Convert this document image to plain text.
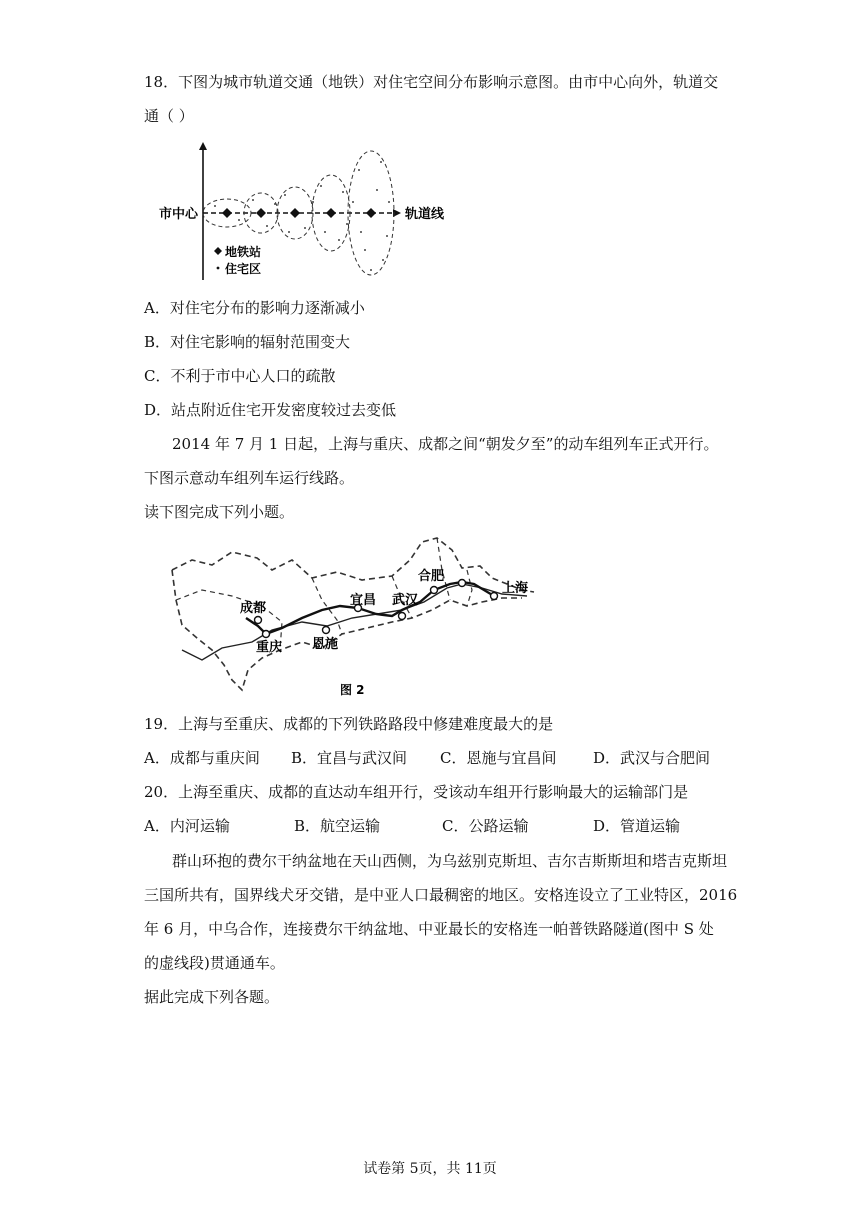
18．下图为城市轨道交通（地铁）对住宅空间分布影响示意图。由市中心向外，轨道交
通（ ）
市中心	轨道线
地铁站
住宅区
A．对住宅分布的影响力逐渐减小
B．对住宅影响的辐射范围变大
C．不利于市中心人口的疏散
D．站点附近住宅开发密度较过去变低
2014 年 7 月 1 日起，上海与重庆、成都之间“朝发夕至”的动车组列车正式开行。
下图示意动车组列车运行线路。
读下图完成下列小题。
成都
重庆 恩施
宜昌 武汉
合肥
上海
图 2
19．上海与至重庆、成都的下列铁路路段中修建难度最大的是
A．成都与重庆间 B．宜昌与武汉间 C．恩施与宜昌间 D．武汉与合肥间
20．上海至重庆、成都的直达动车组开行，受该动车组开行影响最大的运输部门是
A．内河运输	B．航空运输	C．公路运输	D．管道运输
群山环抱的费尔干纳盆地在天山西侧，为乌兹别克斯坦、吉尔吉斯斯坦和塔吉克斯坦
三国所共有，国界线犬牙交错，是中亚人口最稠密的地区。安格连设立了工业特区，2016
年 6 月，中乌合作，连接费尔干纳盆地、中亚最长的安格连一帕普铁路隧道(图中 S 处
的虚线段)贯通通车。
据此完成下列各题。
试卷第 5页，共 11页
